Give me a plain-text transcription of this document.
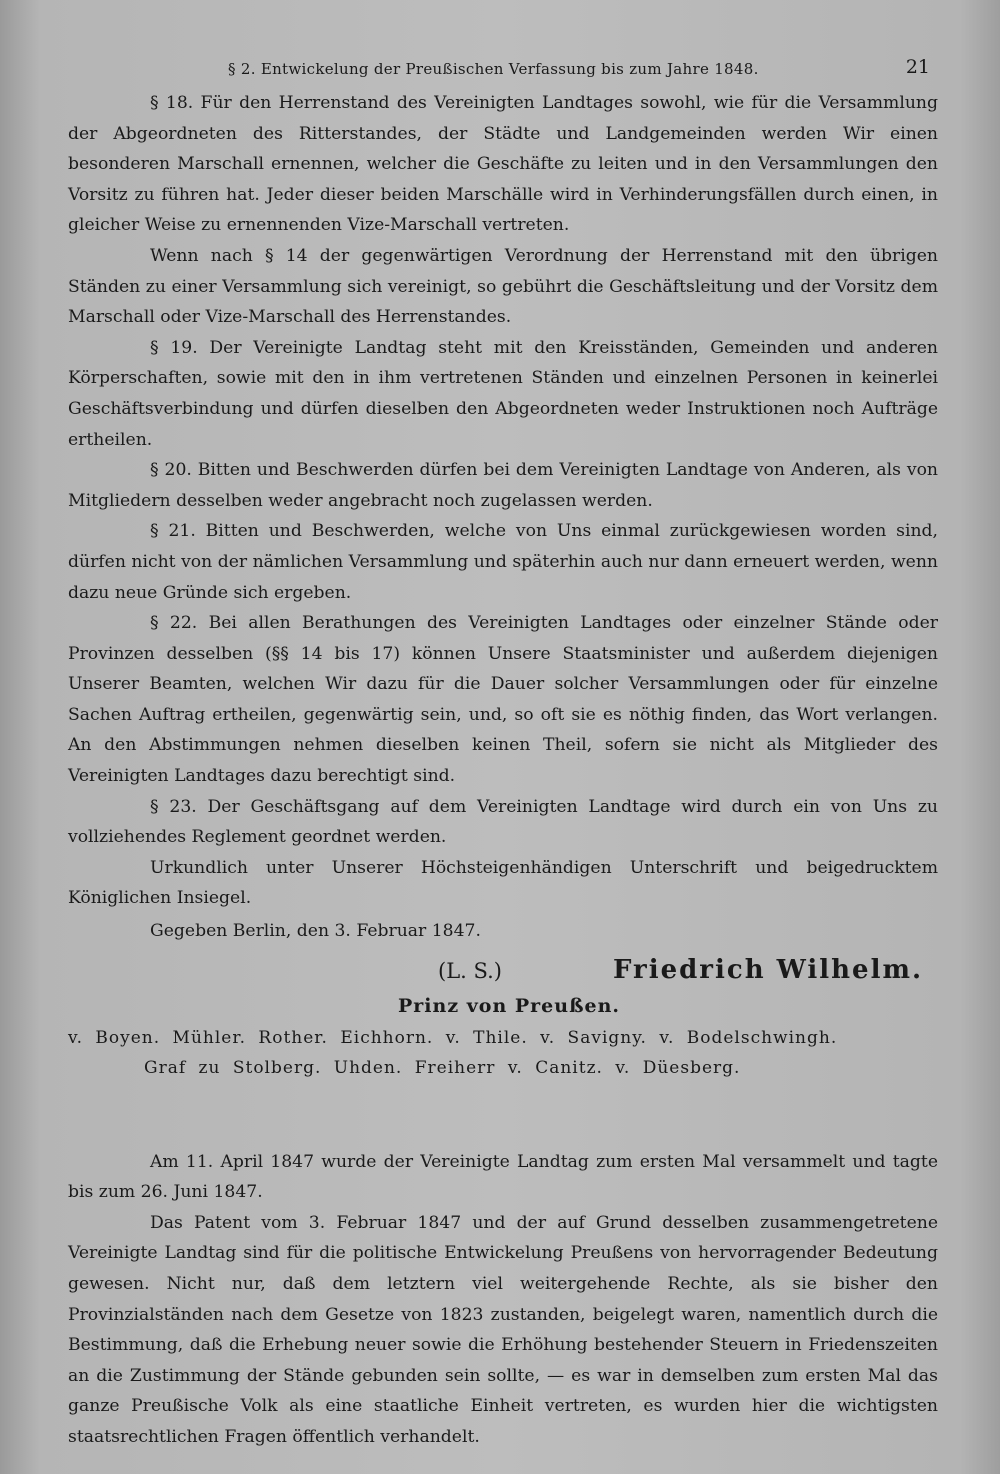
§ 2. Entwickelung der Preußischen Verfassung bis zum Jahre 1848.	21

§ 18. Für den Herrenstand des Vereinigten Landtages sowohl, wie für die Versammlung der Abgeordneten des Ritterstandes, der Städte und Landgemeinden werden Wir einen besonderen Marschall ernennen, welcher die Geschäfte zu leiten und in den Versammlungen den Vorsitz zu führen hat. Jeder dieser beiden Marschälle wird in Verhinderungsfällen durch einen, in gleicher Weise zu ernennenden Vize-Marschall vertreten.

Wenn nach § 14 der gegenwärtigen Verordnung der Herrenstand mit den übrigen Ständen zu einer Versammlung sich vereinigt, so gebührt die Geschäftsleitung und der Vorsitz dem Marschall oder Vize-Marschall des Herrenstandes.

§ 19. Der Vereinigte Landtag steht mit den Kreisständen, Gemeinden und anderen Körperschaften, sowie mit den in ihm vertretenen Ständen und einzelnen Personen in keinerlei Geschäftsverbindung und dürfen dieselben den Abgeordneten weder Instruktionen noch Aufträge ertheilen.

§ 20. Bitten und Beschwerden dürfen bei dem Vereinigten Landtage von Anderen, als von Mitgliedern desselben weder angebracht noch zugelassen werden.

§ 21. Bitten und Beschwerden, welche von Uns einmal zurückgewiesen worden sind, dürfen nicht von der nämlichen Versammlung und späterhin auch nur dann erneuert werden, wenn dazu neue Gründe sich ergeben.

§ 22. Bei allen Berathungen des Vereinigten Landtages oder einzelner Stände oder Provinzen desselben (§§ 14 bis 17) können Unsere Staatsminister und außerdem diejenigen Unserer Beamten, welchen Wir dazu für die Dauer solcher Versammlungen oder für einzelne Sachen Auftrag ertheilen, gegenwärtig sein, und, so oft sie es nöthig finden, das Wort verlangen. An den Abstimmungen nehmen dieselben keinen Theil, sofern sie nicht als Mitglieder des Vereinigten Landtages dazu berechtigt sind.

§ 23. Der Geschäftsgang auf dem Vereinigten Landtage wird durch ein von Uns zu vollziehendes Reglement geordnet werden.

Urkundlich unter Unserer Höchsteigenhändigen Unterschrift und beigedrucktem Königlichen Insiegel.

Gegeben Berlin, den 3. Februar 1847.

(L. S.)	Friedrich Wilhelm.
Prinz von Preußen.
v. Boyen. Mühler. Rother. Eichhorn. v. Thile. v. Savigny. v. Bodelschwingh.
Graf zu Stolberg. Uhden. Freiherr v. Canitz. v. Düesberg.

Am 11. April 1847 wurde der Vereinigte Landtag zum ersten Mal versammelt und tagte bis zum 26. Juni 1847.

Das Patent vom 3. Februar 1847 und der auf Grund desselben zusammengetretene Vereinigte Landtag sind für die politische Entwickelung Preußens von hervorragender Bedeutung gewesen. Nicht nur, daß dem letztern viel weitergehende Rechte, als sie bisher den Provinzialständen nach dem Gesetze von 1823 zustanden, beigelegt waren, namentlich durch die Bestimmung, daß die Erhebung neuer sowie die Erhöhung bestehender Steuern in Friedenszeiten an die Zustimmung der Stände gebunden sein sollte, — es war in demselben zum ersten Mal das ganze Preußische Volk als eine staatliche Einheit vertreten, es wurden hier die wichtigsten staatsrechtlichen Fragen öffentlich verhandelt.
